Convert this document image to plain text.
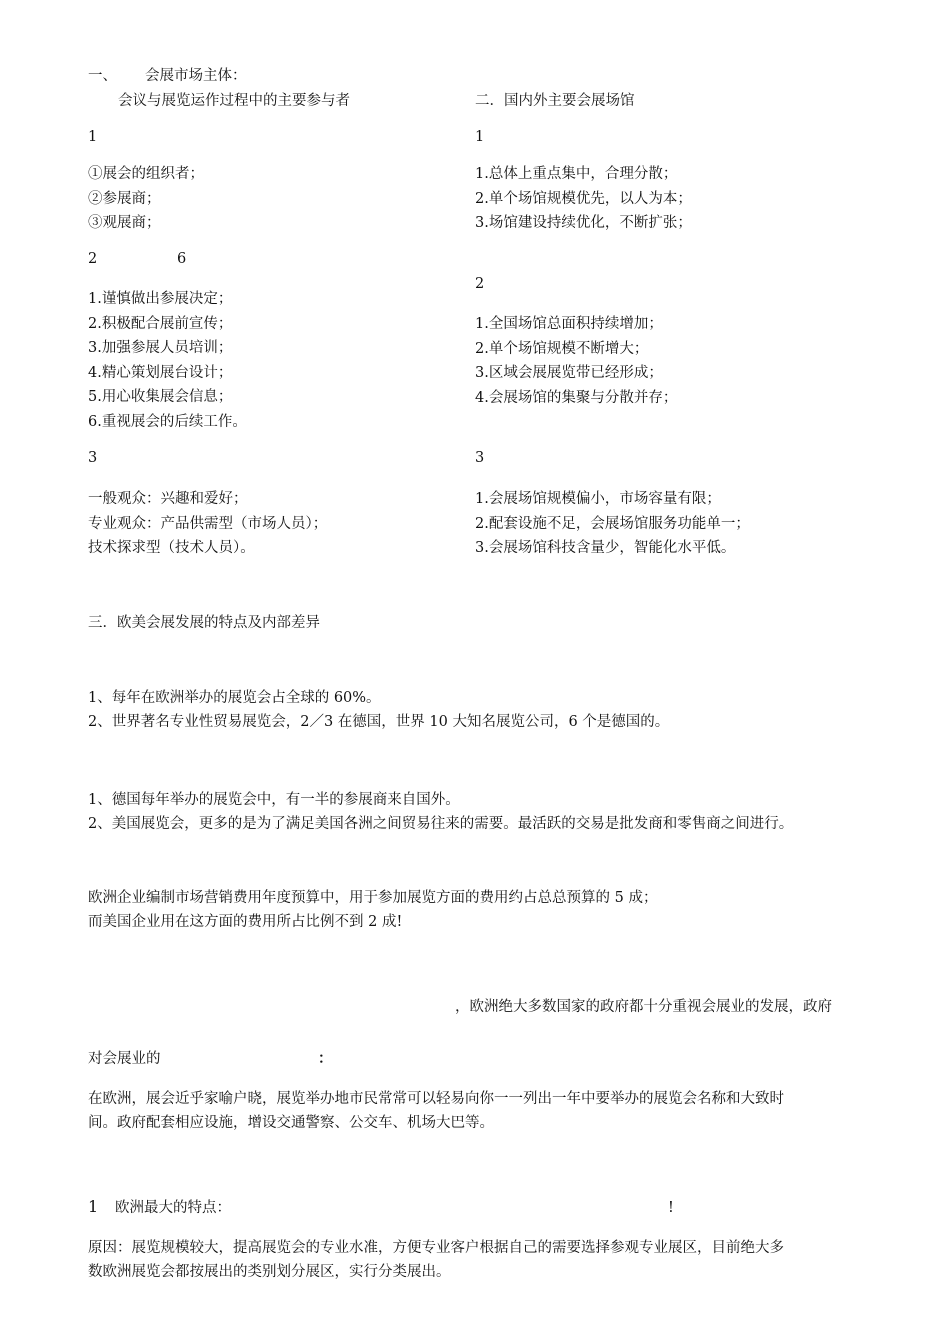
一、 会展市场主体：
会议与展览运作过程中的主要参与者
1
①展会的组织者；
②参展商；
③观展商；
2	6
1.谨慎做出参展决定；
2.积极配合展前宣传；
3.加强参展人员培训；
4.精心策划展台设计；
5.用心收集展会信息；
6.重视展会的后续工作。
3
一般观众：兴趣和爱好；
专业观众：产品供需型（市场人员）；
技术探求型（技术人员）。
二．国内外主要会展场馆
1
1.总体上重点集中，合理分散；
2.单个场馆规模优先，以人为本；
3.场馆建设持续优化，不断扩张；
2
1.全国场馆总面积持续增加；
2.单个场馆规模不断增大；
3.区域会展展览带已经形成；
4.会展场馆的集聚与分散并存；
3
1.会展场馆规模偏小，市场容量有限；
2.配套设施不足，会展场馆服务功能单一；
3.会展场馆科技含量少，智能化水平低。
三．欧美会展发展的特点及内部差异
1、每年在欧洲举办的展览会占全球的 60%。
2、世界著名专业性贸易展览会，2／3 在德国，世界 10 大知名展览公司，6 个是德国的。
1、德国每年举办的展览会中，有一半的参展商来自国外。
2、美国展览会，更多的是为了满足美国各洲之间贸易往来的需要。最活跃的交易是批发商和零售商之间进行。
欧洲企业编制市场营销费用年度预算中，用于参加展览方面的费用约占总总预算的 5 成；
而美国企业用在这方面的费用所占比例不到 2 成!
，欧洲绝大多数国家的政府都十分重视会展业的发展，政府
对会展业的	：
在欧洲，展会近乎家喻户晓，展览举办地市民常常可以轻易向你一一列出一年中要举办的展览会名称和大致时
间。政府配套相应设施，增设交通警察、公交车、机场大巴等。
1 欧洲最大的特点：	!
原因：展览规模较大，提高展览会的专业水准，方便专业客户根据自己的需要选择参观专业展区，目前绝大多
数欧洲展览会都按展出的类别划分展区，实行分类展出。
